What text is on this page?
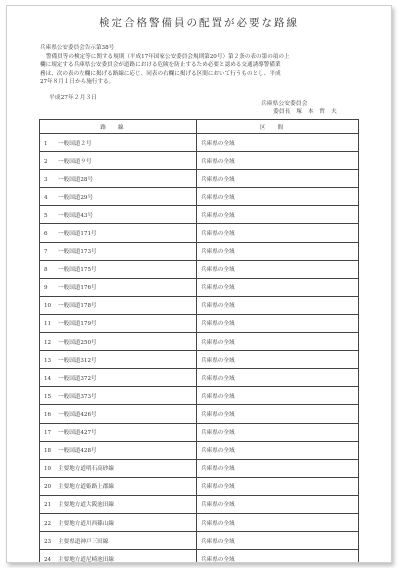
検定合格警備員の配置が必要な路線
兵庫県公安委員会告示第38号
警備員等の検定等に関する規則（平成17年国家公安委員会規則第20号）第２条の表の第の項の上
欄に規定する兵庫県公安委員会が道路における危険を防止するため必要と認める交通誘導警備業
務は、次の表の左欄に掲げる路線に応じ、同表の右欄に掲げる区間において行うものとし、平成
27年８月１日から施行する。
平成27年２月３日
兵庫県公安委員会
委員長　塚　本　哲　夫
路線	区間
1 一般国道２号	兵庫県の全域
2 一般国道９号	兵庫県の全域
3 一般国道28号	兵庫県の全域
4 一般国道29号	兵庫県の全域
5 一般国道43号	兵庫県の全域
6 一般国道171号	兵庫県の全域
7 一般国道173号	兵庫県の全域
8 一般国道175号	兵庫県の全域
9 一般国道176号	兵庫県の全域
10 一般国道178号	兵庫県の全域
11 一般国道179号	兵庫県の全域
12 一般国道250号	兵庫県の全域
13 一般国道312号	兵庫県の全域
14 一般国道372号	兵庫県の全域
15 一般国道373号	兵庫県の全域
16 一般国道426号	兵庫県の全域
17 一般国道427号	兵庫県の全域
18 一般国道428号	兵庫県の全域
19 主要地方道明石高砂線	兵庫県の全域
20 主要地方道姫路上郡線	兵庫県の全域
21 主要地方道大阪池田線	兵庫県の全域
22 主要地方道川西篠山線	兵庫県の全域
23 主要県道神戸三田線	兵庫県の全域
24 主要地方道尼崎池田線	兵庫県の全域
